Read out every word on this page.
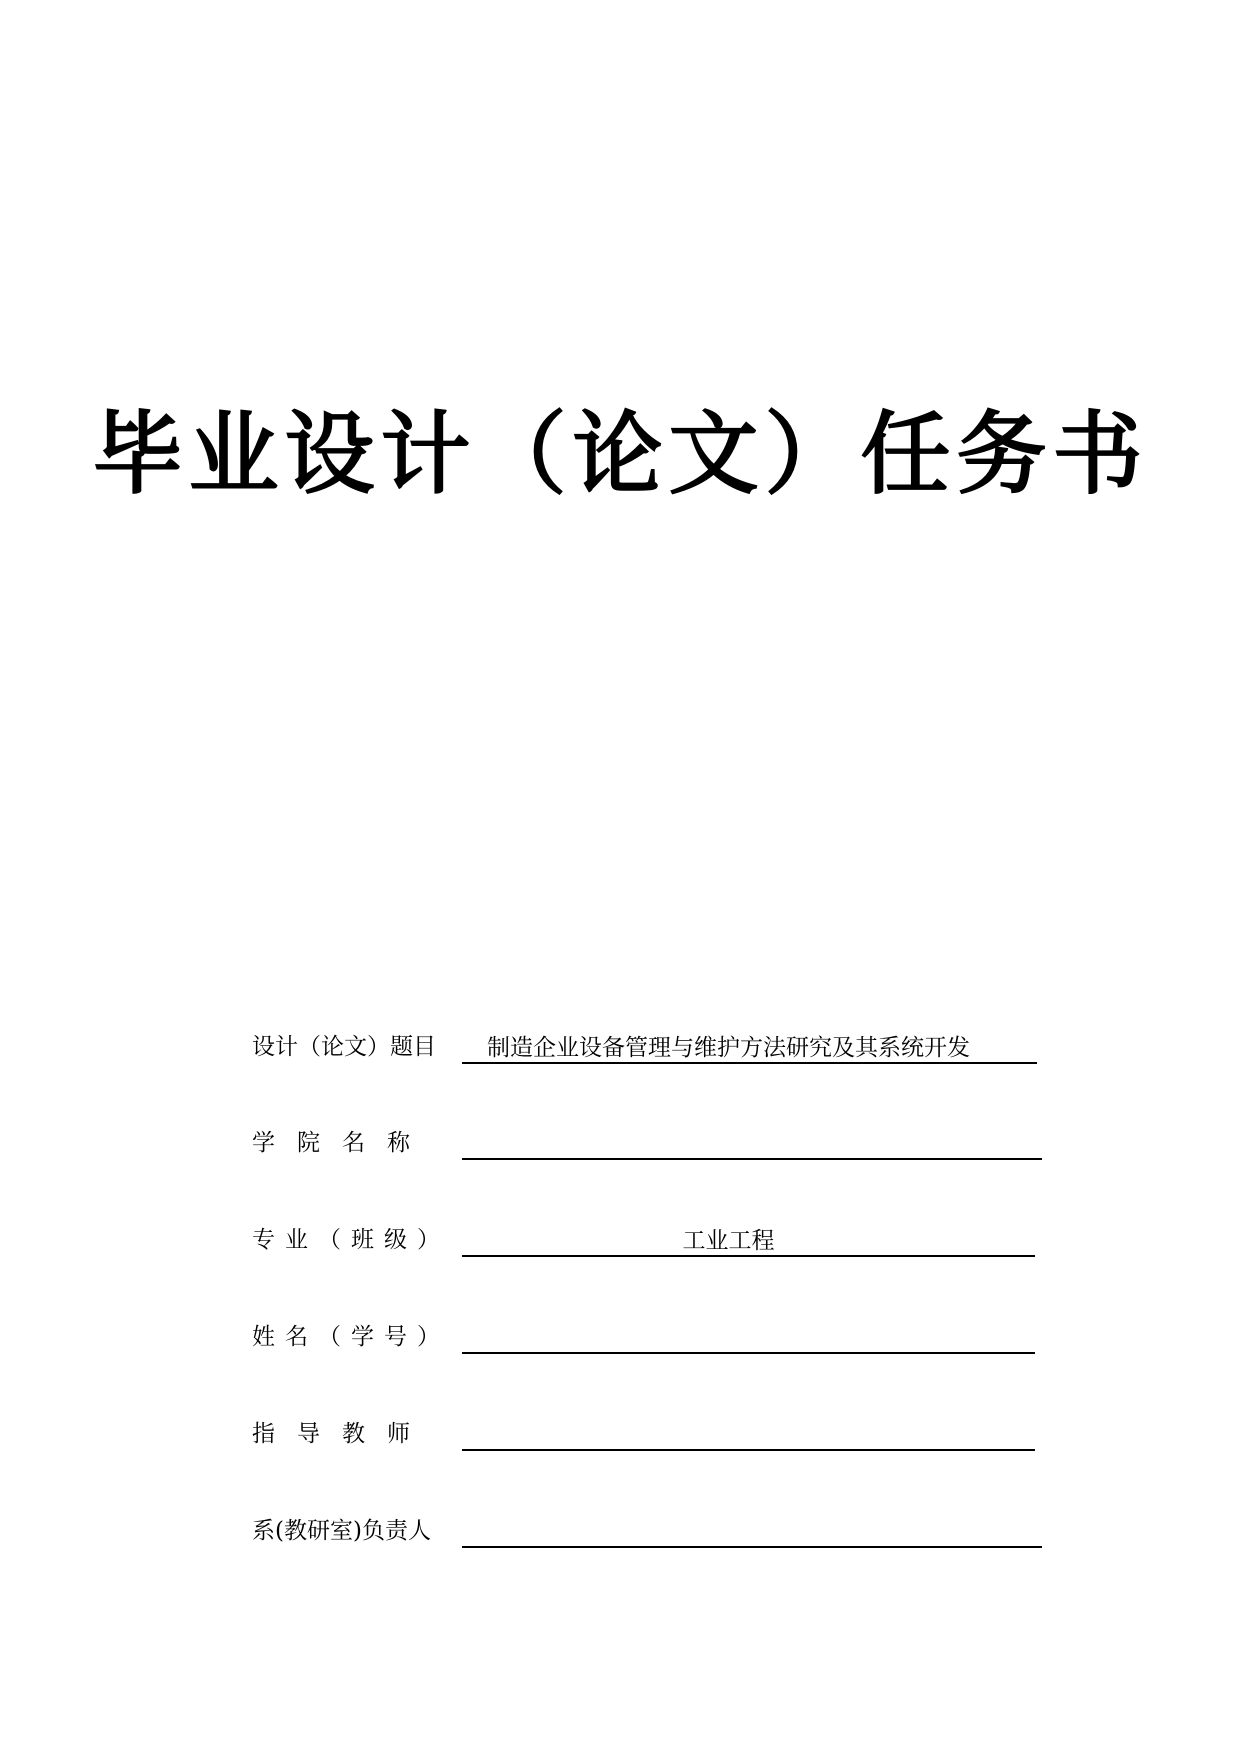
毕业设计（论文）任务书
设计（论文）题目	制造企业设备管理与维护方法研究及其系统开发
学院名称
专业（班级）	工业工程
姓名（学号）
指导教师
系(教研室)负责人
